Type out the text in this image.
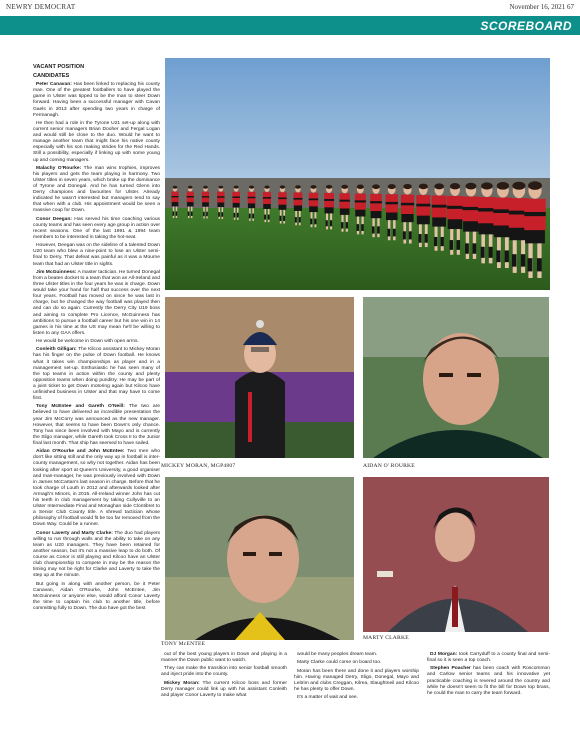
NEWRY DEMOCRAT	November 16, 2021 67
SCOREBOARD

VACANT POSITION

CANDIDATES

Peter Canavan: Has been linked to replacing his county man. One of the greatest footballers to have played the game in Ulster was tipped to be the man to steer Down forward. Having been a successful manager with Cavan Gaels in 2013 after spending two years in charge of Fermanagh.

He then had a role in the Tyrone U21 set-up along with current senior managers Brian Dooher and Fergal Logan and would still be close to the duo. Would he want to manage another team that might face his native county especially with his son making strides for the Red Hands. Still a possibility, especially if linking up with some young up and coming managers.

Malachy O'Rourke: The man wins trophies, improves his players and gets the team playing in harmony. Two Ulster titles in seven years, which broke up the dominance of Tyrone and Donegal. And he has turned Glenn into Derry champions and favourites for Ulster. Already indicated he wasn't interested but managers tend to say that when with a club. His appointment would be seen a massive coup for Down.

Conor Deegan: Has served his time coaching various county teams and has seen every age group in action over recent seasons. One of the last 1991 & 1994 team members to be interested in taking the hot-seat.

However, Deegan was on the sideline of a talented Down U20 team who blew a nine-point to lose an Ulster semi-final to Derry. That defeat was painful as it was a Mourne team that had an Ulster title in sights.

Jim McGuinness: A master tactician. He turned Donegal from a beaten docket to a team that won an All-Ireland and three Ulster titles in the four years he was in charge. Down would take your hand for half that success over the next four years. Football has moved on since he was last in charge, but he changed the way football was played then and can do so again. Currently the Derry City U19 boss and aiming to complete Pro Licence, McGuinness has ambitions to pursue a football career but his one win in 14 games in his time at the US may mean he'll be willing to listen to any GAA offers.

He would be welcome in Down with open arms.

Conleith Gilligan: The Kilcoo assistant to Mickey Moran has his finger on the pulse of Down football. He knows what it takes win championships as player and in a management set-up. Enthusiastic he has seen many of the top teams in action within the county and plenty opposition teams when doing punditry. He may be part of a joint ticket to get Down motoring again but Kilcoo have unfinished business in Ulster and that may have to come first.

Tony McEntee and Gareth O'Neill: The two are believed to have delivered an incredible presentation the year Jim McCorry was announced as the new manager. However, that seems to have been Down's only chance. Tony has since been involved with Mayo and is currently the Sligo manager, while Gareth took Cross II to the Junior final last month. That ship has seemed to have sailed.

Aidan O'Rourke and John McEntee: Two men who don't like sitting still and the only way up in football is inter-county management, so why not together. Aidan has been looking after sport at Queen's University, a good organiser and man-manager, he was previously involved with Down in James McCartan's last season in charge. Before that he took charge of Louth in 2012 and afterwards looked after Armagh's Minors, in 2015. All-Ireland winner John has cut his teeth in club management by taking Cullyville to an Ulster Intermediate Final and Monaghan side Clontibret to a Senior Club County title. A shrewd tactician whose philosophy of football would fit be too far removed from the Down Way. Could be a runner.

Conor Laverty and Marty Clarke: The duo had players willing to run through walls and the ability to take on any team as U20 managers. They have been retained for another season, but it's not a massive leap to do both. Of course as Conor is still playing and Kilcoo have an Ulster club championship to compete in may be the reason the timing may not be right for Clarke and Laverty to take the step up at the minute.

But going in along with another person, be it Peter Canavan, Aidan O'Rourke, John McEntee, Jim McGuinness or anyone else, would afford Conor Laverty the time to captain his club to another title, before committing fully to Down. The duo have got the best

MICKEY MORAN, MGP4807	AIDAN O' ROURKE
TONY McENTEE
MARTY CLARKE

out of the best young players in Down and playing in a manner the Down public want to watch.

They can make the transition into senior football smooth and inject pride into the county.

Mickey Moran: The current Kilcoo boss and former Derry manager could link up with his assistant Conleith and player Conor Laverty to make what

would be many peoples dream team.

Marty Clarke could come on board too.

Moran has been there and done it and players worship him. Having managed Derry, Sligo, Donegal, Mayo and Leitrim and clubs Creggan, Kilrea, Slaughtneil and Kilcoo he has plenty to offer Down.

It's a matter of wait and see.

DJ Morgan: took Carryduff to a county final and semi-final so it is seen a top coach.

Stephen Poacher has been coach with Roscommon and Carlow senior teams and his innovative yet practicable coaching is revered around the country and while he doesn't seem to fit the bill for Down top brass, he could the man to carry the team forward.
